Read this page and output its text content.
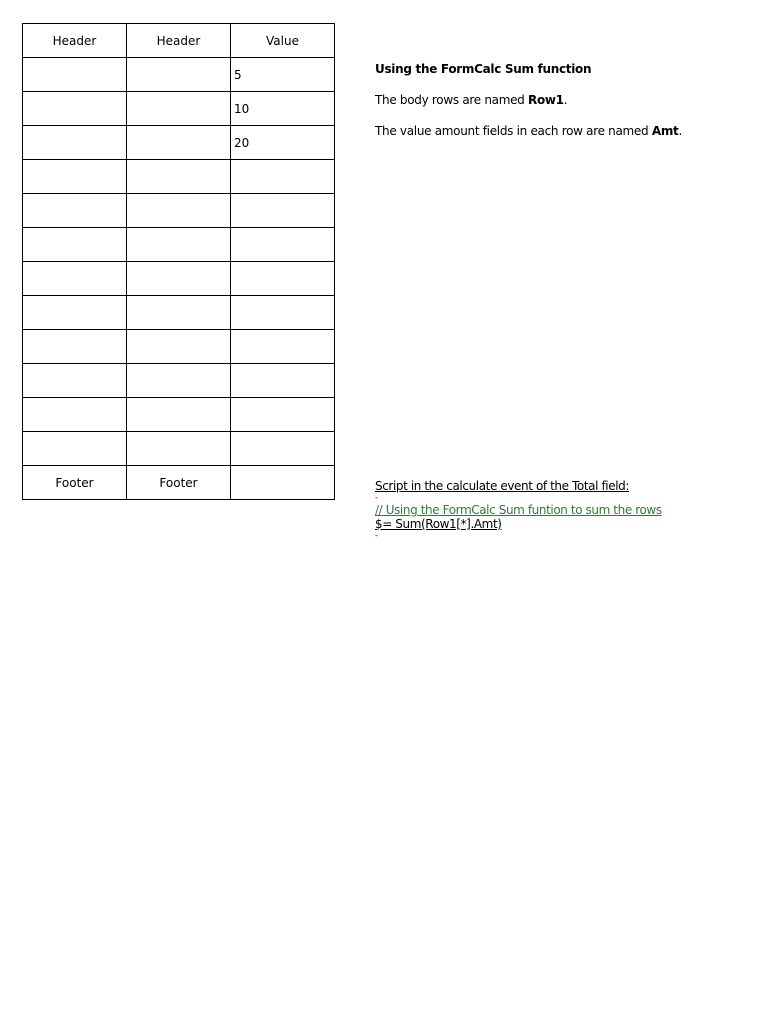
Header	Header	Value
		5
		10
		20

Footer	Footer	

Using the FormCalc Sum function

The body rows are named Row1.

The value amount fields in each row are named Amt.

Script in the calculate event of the Total field:

-

// Using the FormCalc Sum funtion to sum the rows

$= Sum(Row1[*].Amt)

-
